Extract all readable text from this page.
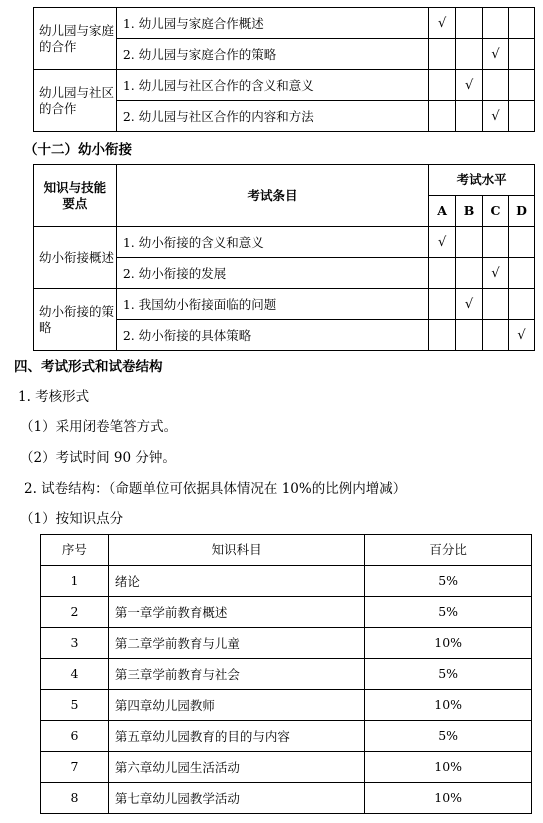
幼儿园与家庭的合作	1. 幼儿园与家庭合作概述	√			
	2. 幼儿园与家庭合作的策略			√	
幼儿园与社区的合作	1. 幼儿园与社区合作的含义和意义		√		
	2. 幼儿园与社区合作的内容和方法			√	
（十二）幼小衔接
知识与技能要点	考试条目	考试水平			
		A	B	C	D
幼小衔接概述	1. 幼小衔接的含义和意义	√			
	2. 幼小衔接的发展			√	
幼小衔接的策略	1. 我国幼小衔接面临的问题		√		
	2. 幼小衔接的具体策略				√
四、考试形式和试卷结构
1. 考核形式
（1）采用闭卷笔答方式。
（2）考试时间 90 分钟。
2. 试卷结构：（命题单位可依据具体情况在 10%的比例内增减）
（1）按知识点分
序号	知识科目	百分比
1	绪论	5%
2	第一章学前教育概述	5%
3	第二章学前教育与儿童	10%
4	第三章学前教育与社会	5%
5	第四章幼儿园教师	10%
6	第五章幼儿园教育的目的与内容	5%
7	第六章幼儿园生活活动	10%
8	第七章幼儿园教学活动	10%
